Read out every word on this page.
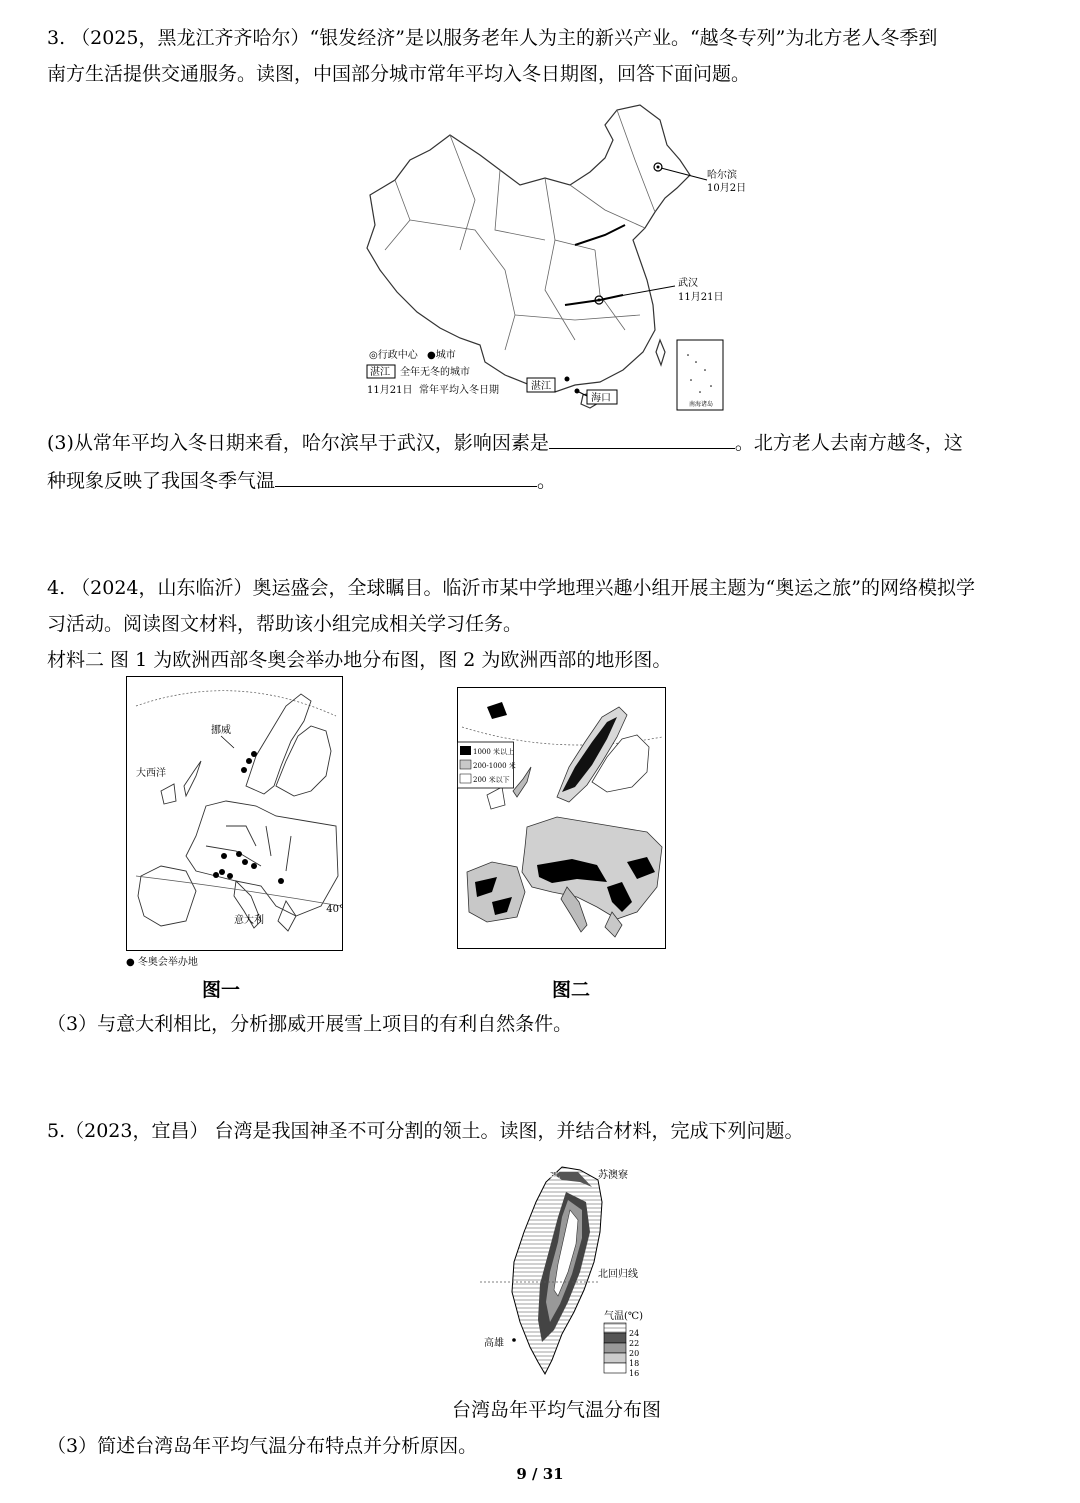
3. （2025，黑龙江齐齐哈尔）“银发经济”是以服务老年人为主的新兴产业。“越冬专列”为北方老人冬季到
南方生活提供交通服务。读图，中国部分城市常年平均入冬日期图，回答下面问题。
哈尔滨
10月2日
武汉
11月21日
湛江
海口
◎行政中心 ●城市
湛江 全年无冬的城市
11月21日 常年平均入冬日期
南海诸岛
(3)从常年平均入冬日期来看，哈尔滨早于武汉，影响因素是	。北方老人去南方越冬，这
种现象反映了我国冬季气温	。
4. （2024，山东临沂）奥运盛会，全球瞩目。临沂市某中学地理兴趣小组开展主题为“奥运之旅”的网络模拟学
习活动。阅读图文材料，帮助该小组完成相关学习任务。
材料二 图 1 为欧洲西部冬奥会举办地分布图，图 2 为欧洲西部的地形图。
挪威
大西洋
意大利
40°
● 冬奥会举办地
图一
1000 米以上
200-1000 米
200 米以下
图二
（3）与意大利相比，分析挪威开展雪上项目的有利自然条件。
5.（2023，宜昌） 台湾是我国神圣不可分割的领土。读图，并结合材料，完成下列问题。
台北	苏澳寮
北回归线
高雄
气温(℃)
24
22
20
18
16
台湾岛年平均气温分布图
（3）简述台湾岛年平均气温分布特点并分析原因。
9 / 31
